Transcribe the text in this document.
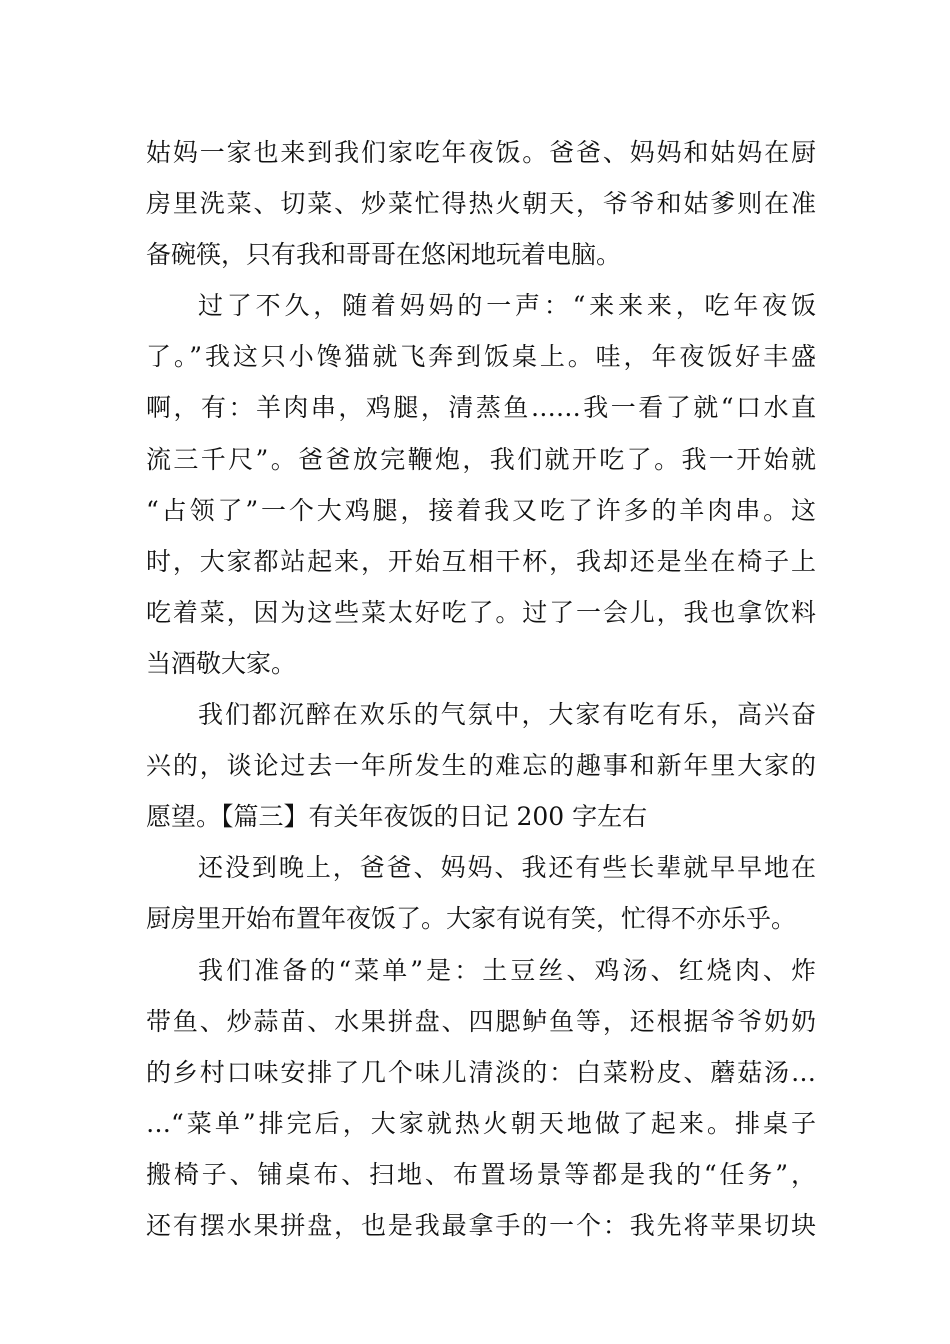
姑妈一家也来到我们家吃年夜饭。爸爸、妈妈和姑妈在厨
房里洗菜、切菜、炒菜忙得热火朝天，爷爷和姑爹则在准
备碗筷，只有我和哥哥在悠闲地玩着电脑。
过了不久，随着妈妈的一声：“来来来，吃年夜饭
了。”我这只小馋猫就飞奔到饭桌上。哇，年夜饭好丰盛
啊，有：羊肉串，鸡腿，清蒸鱼……我一看了就“口水直
流三千尺”。爸爸放完鞭炮，我们就开吃了。我一开始就
“占领了”一个大鸡腿，接着我又吃了许多的羊肉串。这
时，大家都站起来，开始互相干杯，我却还是坐在椅子上
吃着菜，因为这些菜太好吃了。过了一会儿，我也拿饮料
当酒敬大家。
我们都沉醉在欢乐的气氛中，大家有吃有乐，高兴奋
兴的，谈论过去一年所发生的难忘的趣事和新年里大家的
愿望。【篇三】有关年夜饭的日记 200 字左右
还没到晚上，爸爸、妈妈、我还有些长辈就早早地在
厨房里开始布置年夜饭了。大家有说有笑，忙得不亦乐乎。
我们准备的“菜单”是：土豆丝、鸡汤、红烧肉、炸
带鱼、炒蒜苗、水果拼盘、四腮鲈鱼等，还根据爷爷奶奶
的乡村口味安排了几个味儿清淡的：白菜粉皮、蘑菇汤…
…“菜单”排完后，大家就热火朝天地做了起来。排桌子
搬椅子、铺桌布、扫地、布置场景等都是我的“任务”，
还有摆水果拼盘，也是我最拿手的一个：我先将苹果切块
